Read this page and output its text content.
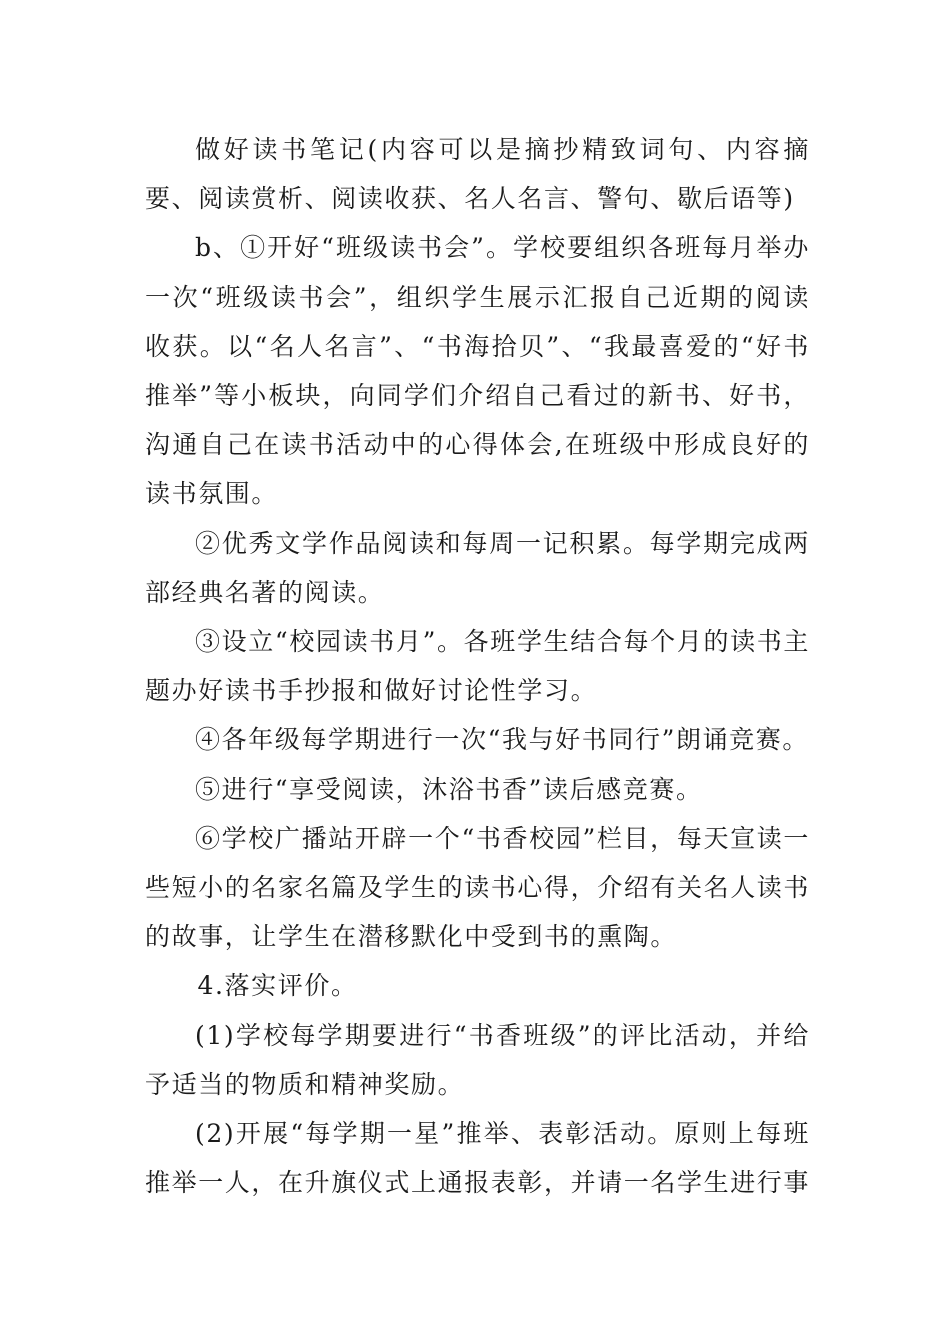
做好读书笔记(内容可以是摘抄精致词句、内容摘要、阅读赏析、阅读收获、名人名言、警句、歇后语等)

b、①开好“班级读书会”。学校要组织各班每月举办一次“班级读书会”，组织学生展示汇报自己近期的阅读收获。以“名人名言”、“书海拾贝”、“我最喜爱的“好书推举”等小板块，向同学们介绍自己看过的新书、好书，沟通自己在读书活动中的心得体会,在班级中形成良好的读书氛围。

②优秀文学作品阅读和每周一记积累。每学期完成两部经典名著的阅读。

③设立“校园读书月”。各班学生结合每个月的读书主题办好读书手抄报和做好讨论性学习。

④各年级每学期进行一次“我与好书同行”朗诵竞赛。

⑤进行“享受阅读，沐浴书香”读后感竞赛。

⑥学校广播站开辟一个“书香校园”栏目，每天宣读一些短小的名家名篇及学生的读书心得，介绍有关名人读书的故事，让学生在潜移默化中受到书的熏陶。

4.落实评价。

(1)学校每学期要进行“书香班级”的评比活动，并给予适当的物质和精神奖励。

(2)开展“每学期一星”推举、表彰活动。原则上每班推举一人，在升旗仪式上通报表彰，并请一名学生进行事
